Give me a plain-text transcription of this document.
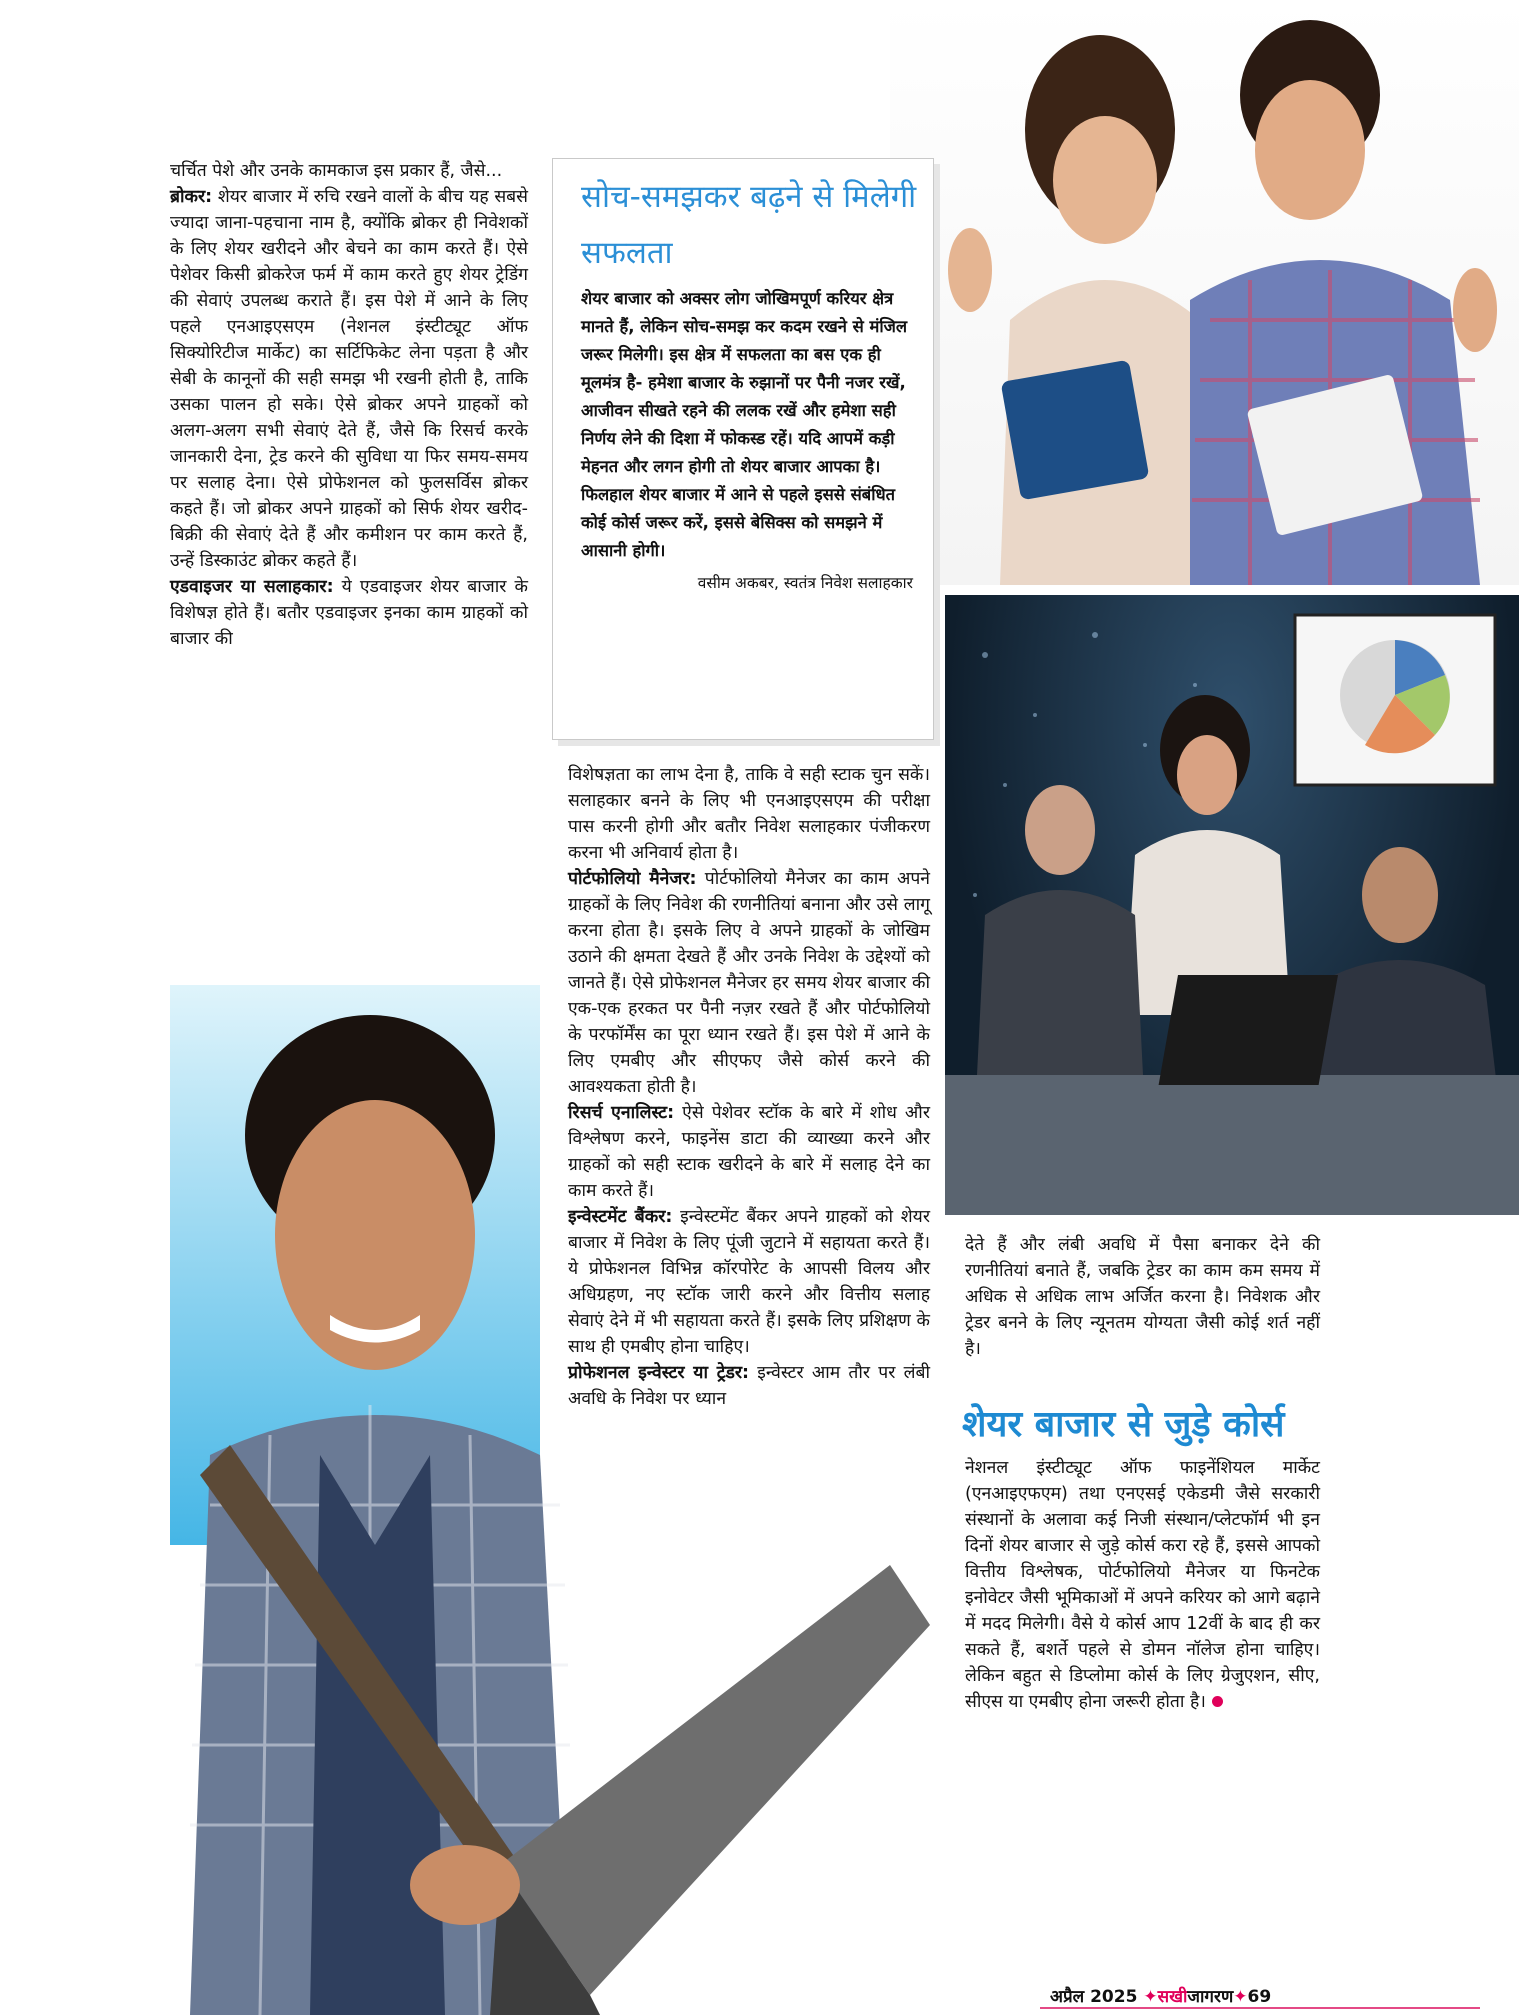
चर्चित पेशे और उनके कामकाज इस प्रकार हैं, जैसे...

ब्रोकर: शेयर बाजार में रुचि रखने वालों के बीच यह सबसे ज्यादा जाना-पहचाना नाम है, क्योंकि ब्रोकर ही निवेशकों के लिए शेयर खरीदने और बेचने का काम करते हैं। ऐसे पेशेवर किसी ब्रोकरेज फर्म में काम करते हुए शेयर ट्रेडिंग की सेवाएं उपलब्ध कराते हैं। इस पेशे में आने के लिए पहले एनआइएसएम (नेशनल इंस्टीट्यूट ऑफ सिक्योरिटीज मार्केट) का सर्टिफिकेट लेना पड़ता है और सेबी के कानूनों की सही समझ भी रखनी होती है, ताकि उसका पालन हो सके। ऐसे ब्रोकर अपने ग्राहकों को अलग-अलग सभी सेवाएं देते हैं, जैसे कि रिसर्च करके जानकारी देना, ट्रेड करने की सुविधा या फिर समय-समय पर सलाह देना। ऐसे प्रोफेशनल को फुलसर्विस ब्रोकर कहते हैं। जो ब्रोकर अपने ग्राहकों को सिर्फ शेयर खरीद-बिक्री की सेवाएं देते हैं और कमीशन पर काम करते हैं, उन्हें डिस्काउंट ब्रोकर कहते हैं।

एडवाइजर या सलाहकार: ये एडवाइजर शेयर बाजार के विशेषज्ञ होते हैं। बतौर एडवाइजर इनका काम ग्राहकों को बाजार की

सोच-समझकर बढ़ने से मिलेगी सफलता
शेयर बाजार को अक्सर लोग जोखिमपूर्ण करियर क्षेत्र मानते हैं, लेकिन सोच-समझ कर कदम रखने से मंजिल जरूर मिलेगी। इस क्षेत्र में सफलता का बस एक ही मूलमंत्र है- हमेशा बाजार के रुझानों पर पैनी नजर रखें, आजीवन सीखते रहने की ललक रखें और हमेशा सही निर्णय लेने की दिशा में फोकस्ड रहें। यदि आपमें कड़ी मेहनत और लगन होगी तो शेयर बाजार आपका है। फिलहाल शेयर बाजार में आने से पहले इससे संबंधित कोई कोर्स जरूर करें, इससे बेसिक्स को समझने में आसानी होगी।
वसीम अकबर, स्वतंत्र निवेश सलाहकार

विशेषज्ञता का लाभ देना है, ताकि वे सही स्टाक चुन सकें। सलाहकार बनने के लिए भी एनआइएसएम की परीक्षा पास करनी होगी और बतौर निवेश सलाहकार पंजीकरण करना भी अनिवार्य होता है।

पोर्टफोलियो मैनेजर: पोर्टफोलियो मैनेजर का काम अपने ग्राहकों के लिए निवेश की रणनीतियां बनाना और उसे लागू करना होता है। इसके लिए वे अपने ग्राहकों के जोखिम उठाने की क्षमता देखते हैं और उनके निवेश के उद्देश्यों को जानते हैं। ऐसे प्रोफेशनल मैनेजर हर समय शेयर बाजार की एक-एक हरकत पर पैनी नज़र रखते हैं और पोर्टफोलियो के परफॉर्मेंस का पूरा ध्यान रखते हैं। इस पेशे में आने के लिए एमबीए और सीएफए जैसे कोर्स करने की आवश्यकता होती है।

रिसर्च एनालिस्ट: ऐसे पेशेवर स्टॉक के बारे में शोध और विश्लेषण करने, फाइनेंस डाटा की व्याख्या करने और ग्राहकों को सही स्टाक खरीदने के बारे में सलाह देने का काम करते हैं।

इन्वेस्टमेंट बैंकर: इन्वेस्टमेंट बैंकर अपने ग्राहकों को शेयर बाजार में निवेश के लिए पूंजी जुटाने में सहायता करते हैं। ये प्रोफेशनल विभिन्न कॉरपोरेट के आपसी विलय और अधिग्रहण, नए स्टॉक जारी करने और वित्तीय सलाह सेवाएं देने में भी सहायता करते हैं। इसके लिए प्रशिक्षण के साथ ही एमबीए होना चाहिए।

प्रोफेशनल इन्वेस्टर या ट्रेडर: इन्वेस्टर आम तौर पर लंबी अवधि के निवेश पर ध्यान

देते हैं और लंबी अवधि में पैसा बनाकर देने की रणनीतियां बनाते हैं, जबकि ट्रेडर का काम कम समय में अधिक से अधिक लाभ अर्जित करना है। निवेशक और ट्रेडर बनने के लिए न्यूनतम योग्यता जैसी कोई शर्त नहीं है।
शेयर बाजार से जुड़े कोर्स
नेशनल इंस्टीट्यूट ऑफ फाइनेंशियल मार्केट (एनआइएफएम) तथा एनएसई एकेडमी जैसे सरकारी संस्थानों के अलावा कई निजी संस्थान/प्लेटफॉर्म भी इन दिनों शेयर बाजार से जुड़े कोर्स करा रहे हैं, इससे आपको वित्तीय विश्लेषक, पोर्टफोलियो मैनेजर या फिनटेक इनोवेटर जैसी भूमिकाओं में अपने करियर को आगे बढ़ाने में मदद मिलेगी। वैसे ये कोर्स आप 12वीं के बाद ही कर सकते हैं, बशर्ते पहले से डोमन नॉलेज होना चाहिए। लेकिन बहुत से डिप्लोमा कोर्स के लिए ग्रेजुएशन, सीए, सीएस या एमबीए होना जरूरी होता है।
अप्रैल 2025 ✦सखीजागरण✦69
